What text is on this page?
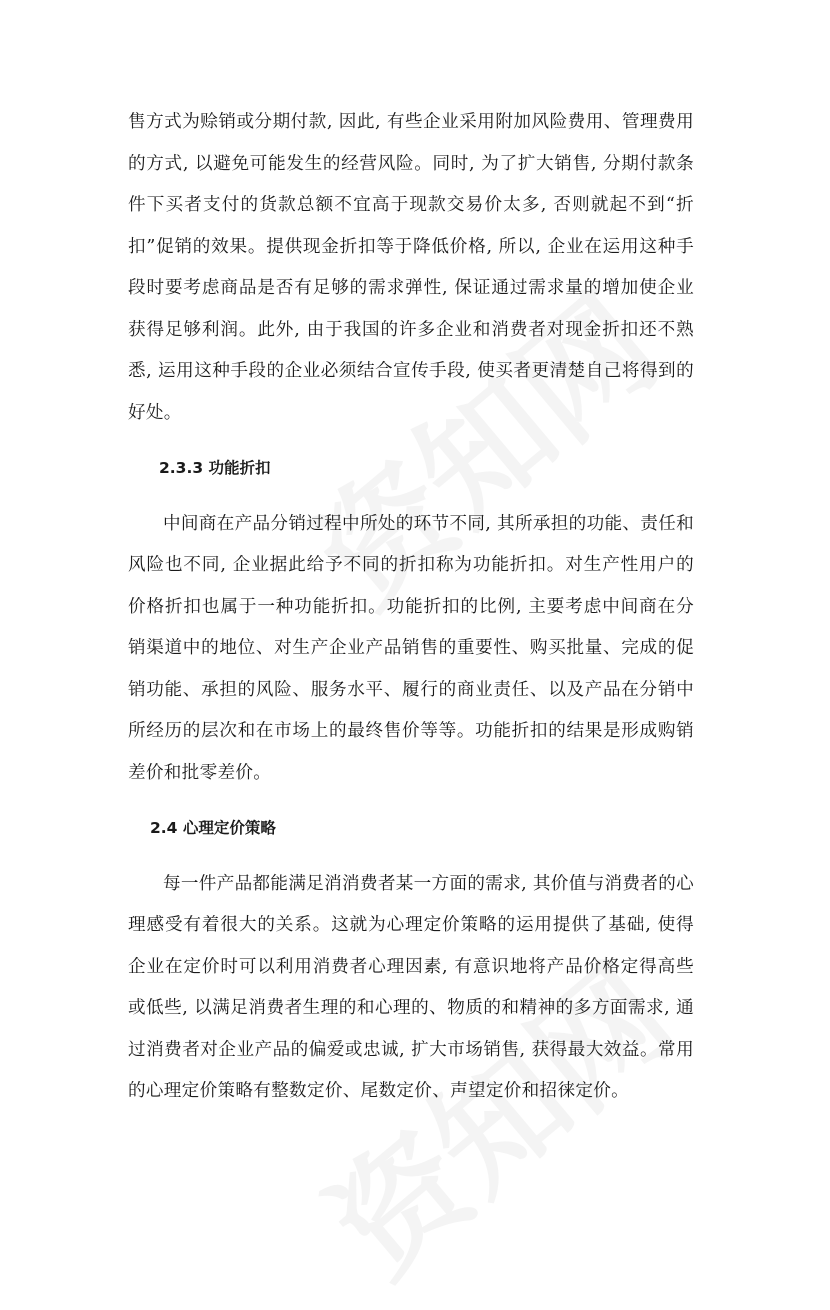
售方式为赊销或分期付款, 因此, 有些企业采用附加风险费用、管理费用的方式, 以避免可能发生的经营风险。同时, 为了扩大销售, 分期付款条件下买者支付的货款总额不宜高于现款交易价太多, 否则就起不到“折扣”促销的效果。提供现金折扣等于降低价格, 所以, 企业在运用这种手段时要考虑商品是否有足够的需求弹性, 保证通过需求量的增加使企业获得足够利润。此外, 由于我国的许多企业和消费者对现金折扣还不熟悉, 运用这种手段的企业必须结合宣传手段, 使买者更清楚自己将得到的好处。

2.3.3 功能折扣

中间商在产品分销过程中所处的环节不同, 其所承担的功能、责任和风险也不同, 企业据此给予不同的折扣称为功能折扣。对生产性用户的价格折扣也属于一种功能折扣。功能折扣的比例, 主要考虑中间商在分销渠道中的地位、对生产企业产品销售的重要性、购买批量、完成的促销功能、承担的风险、服务水平、履行的商业责任、以及产品在分销中所经历的层次和在市场上的最终售价等等。功能折扣的结果是形成购销差价和批零差价。

2.4 心理定价策略

每一件产品都能满足消消费者某一方面的需求, 其价值与消费者的心理感受有着很大的关系。这就为心理定价策略的运用提供了基础, 使得企业在定价时可以利用消费者心理因素, 有意识地将产品价格定得高些或低些, 以满足消费者生理的和心理的、物质的和精神的多方面需求, 通过消费者对企业产品的偏爱或忠诚, 扩大市场销售, 获得最大效益。常用的心理定价策略有整数定价、尾数定价、声望定价和招徕定价。
